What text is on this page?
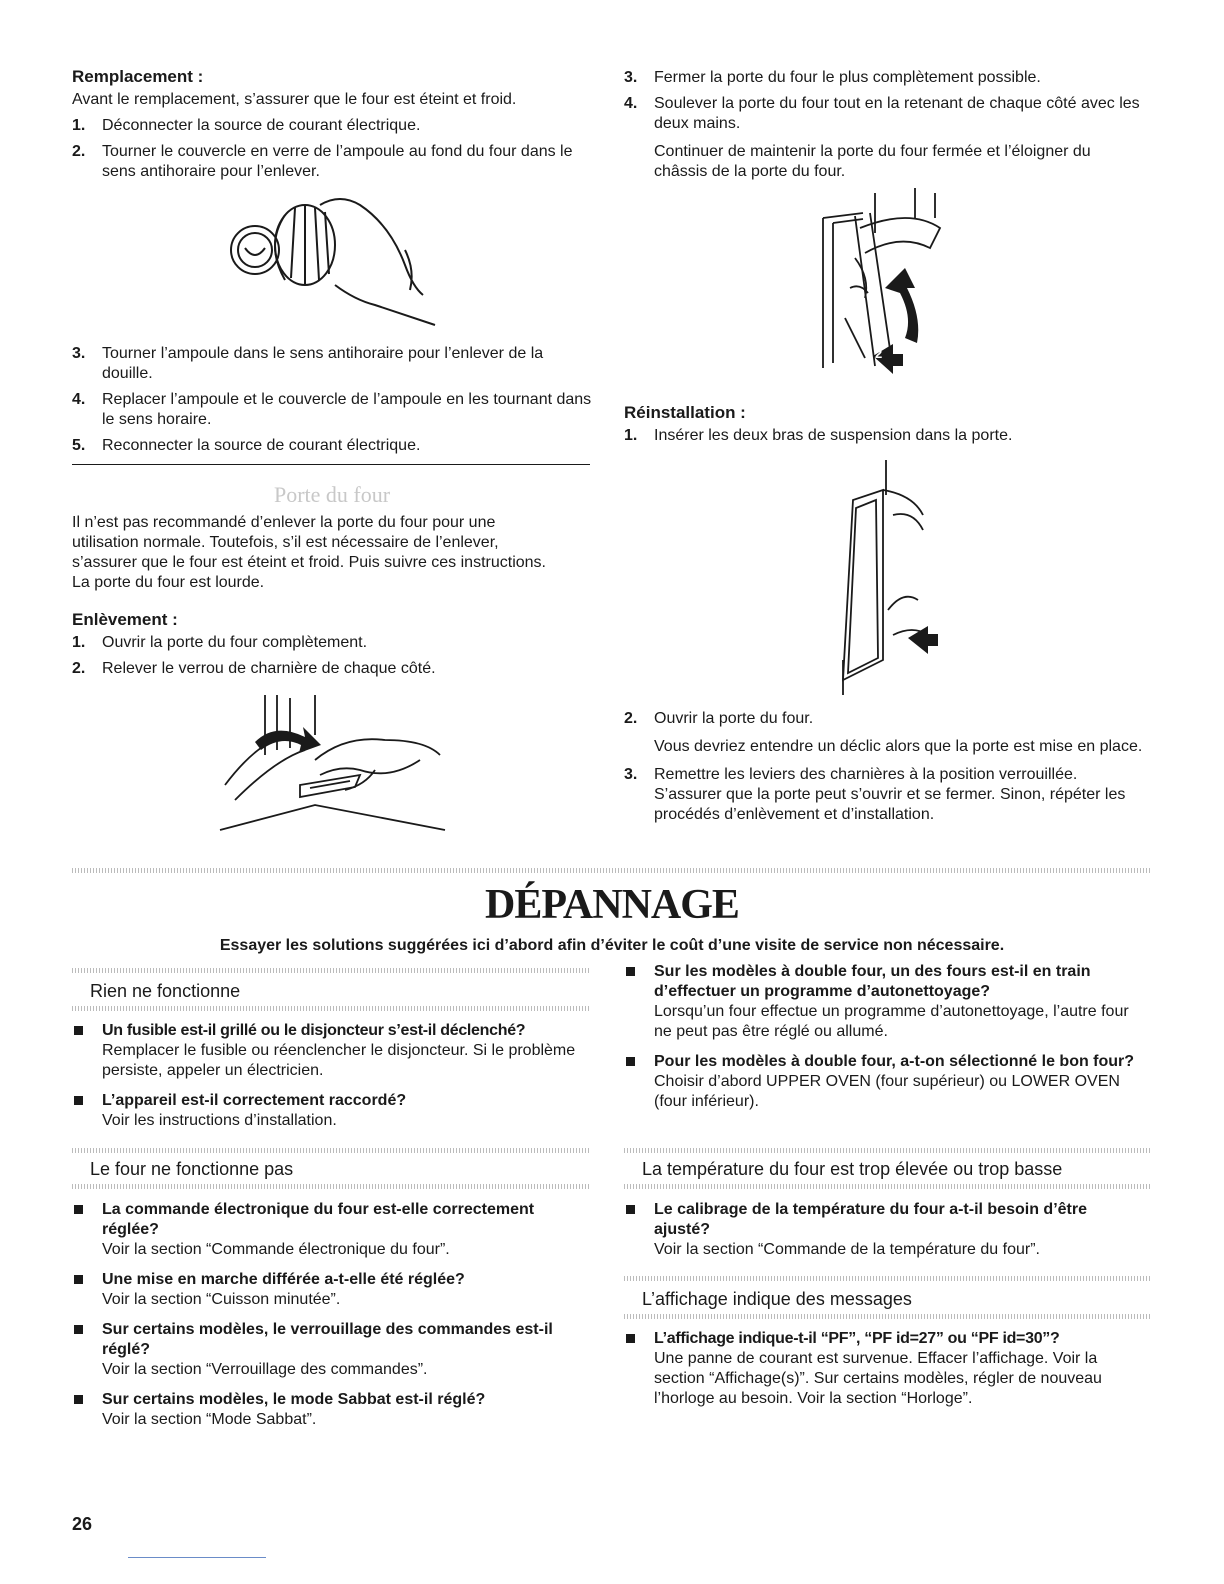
Remplacement :

Avant le remplacement, s’assurer que le four est éteint et froid.

1. Déconnecter la source de courant électrique.
2. Tourner le couvercle en verre de l’ampoule au fond du four dans le sens antihoraire pour l’enlever.
3. Tourner l’ampoule dans le sens antihoraire pour l’enlever de la douille.
4. Replacer l’ampoule et le couvercle de l’ampoule en les tournant dans le sens horaire.
5. Reconnecter la source de courant électrique.
Porte du four

Il n’est pas recommandé d’enlever la porte du four pour une utilisation normale. Toutefois, s’il est nécessaire de l’enlever, s’assurer que le four est éteint et froid. Puis suivre ces instructions. La porte du four est lourde.

Enlèvement :
1. Ouvrir la porte du four complètement.
2. Relever le verrou de charnière de chaque côté.
3. Fermer la porte du four le plus complètement possible.
4. Soulever la porte du four tout en la retenant de chaque côté avec les deux mains.

Continuer de maintenir la porte du four fermée et l’éloigner du châssis de la porte du four.

1
2
Réinstallation :
1. Insérer les deux bras de suspension dans la porte.
2. Ouvrir la porte du four.

Vous devriez entendre un déclic alors que la porte est mise en place.

3. Remettre les leviers des charnières à la position verrouillée. S’assurer que la porte peut s’ouvrir et se fermer. Sinon, répéter les procédés d’enlèvement et d’installation.
DÉPANNAGE
Essayer les solutions suggérées ici d’abord afin d’éviter le coût d’une visite de service non nécessaire.
Rien ne fonctionne
Un fusible est-il grillé ou le disjoncteur s’est-il déclenché?
Remplacer le fusible ou réenclencher le disjoncteur. Si le problème persiste, appeler un électricien.
L’appareil est-il correctement raccordé?
Voir les instructions d’installation.
Le four ne fonctionne pas
La commande électronique du four est-elle correctement réglée?
Voir la section “Commande électronique du four”.
Une mise en marche différée a-t-elle été réglée?
Voir la section “Cuisson minutée”.
Sur certains modèles, le verrouillage des commandes est-il réglé?
Voir la section “Verrouillage des commandes”.
Sur certains modèles, le mode Sabbat est-il réglé?
Voir la section “Mode Sabbat”.
Sur les modèles à double four, un des fours est-il en train d’effectuer un programme d’autonettoyage?
Lorsqu’un four effectue un programme d’autonettoyage, l’autre four ne peut pas être réglé ou allumé.
Pour les modèles à double four, a-t-on sélectionné le bon four?
Choisir d’abord UPPER OVEN (four supérieur) ou LOWER OVEN (four inférieur).
La température du four est trop élevée ou trop basse
Le calibrage de la température du four a-t-il besoin d’être ajusté?
Voir la section “Commande de la température du four”.
L’affichage indique des messages
L’affichage indique-t-il “PF”, “PF id=27” ou “PF id=30”?
Une panne de courant est survenue. Effacer l’affichage. Voir la section “Affichage(s)”. Sur certains modèles, régler de nouveau l’horloge au besoin. Voir la section “Horloge”.
26
